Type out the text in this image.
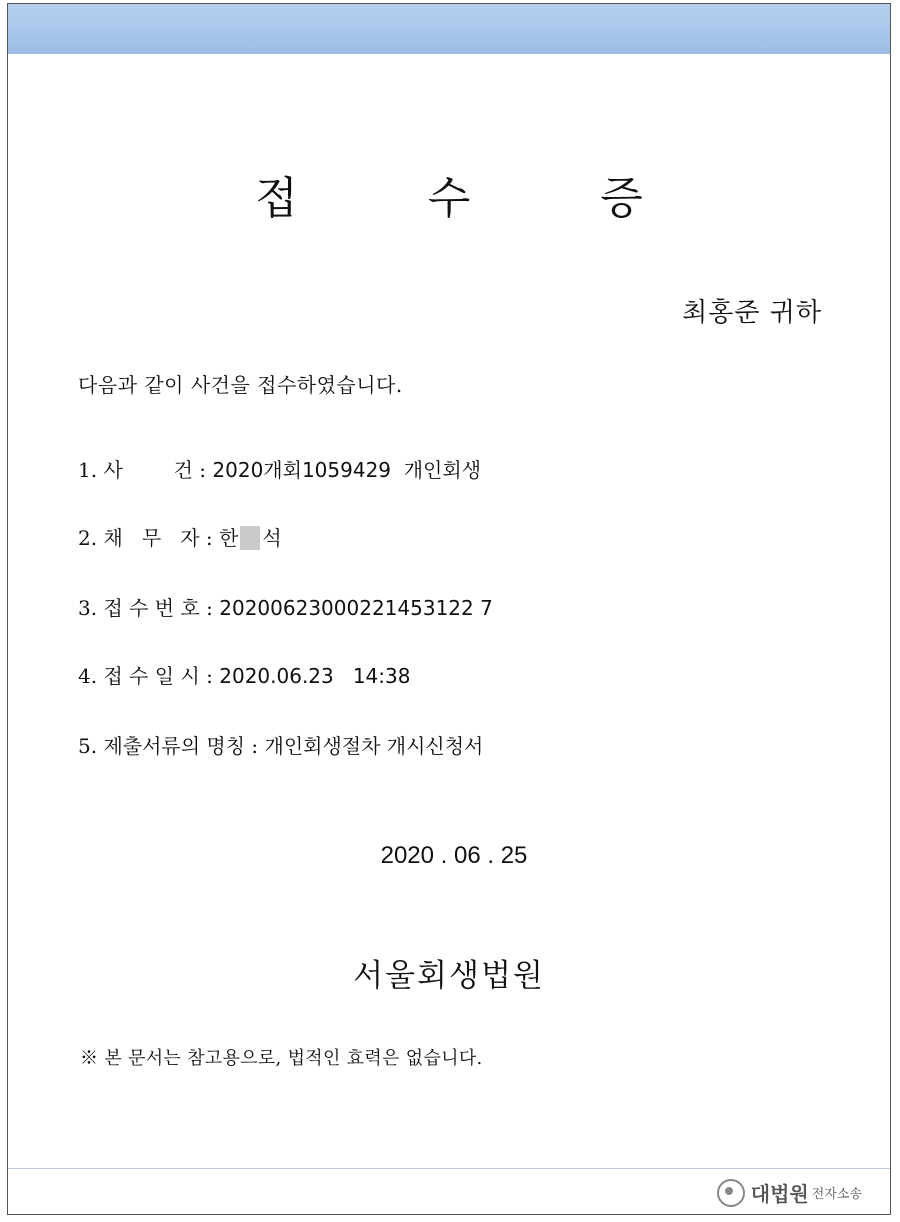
접 수 증
최홍준 귀하
다음과 같이 사건을 접수하였습니다.
1. 사        건 : 2020개회1059429  개인회생
2. 채   무   자 : 한 석
3. 접 수 번 호 : 20200623000221453122 7
4. 접 수 일 시 : 2020.06.23   14:38
5. 제출서류의 명칭 : 개인회생절차 개시신청서
2020 . 06 . 25
서울회생법원
※ 본 문서는 참고용으로, 법적인 효력은 없습니다.
대법원 전자소송
